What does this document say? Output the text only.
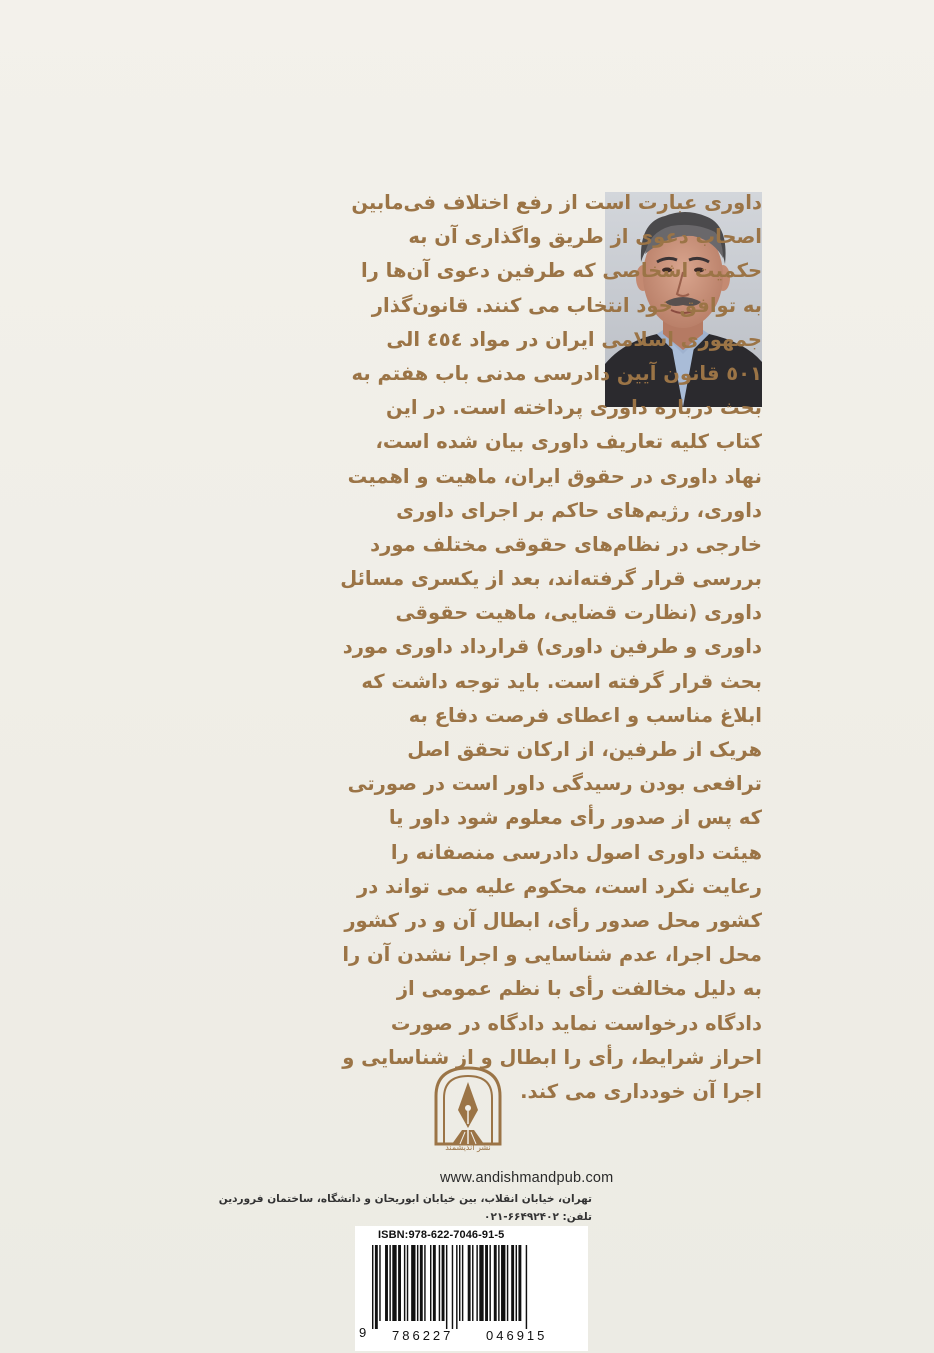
داوری عبارت است از رفع اختلاف فی‌مابین
اصحاب دعوی از طریق واگذاری آن به
حکمیت اشخاصی که طرفین دعوی آن‌ها را
به توافق خود انتخاب می کنند. قانون‌گذار
جمهوری اسلامی ایران در مواد ٤٥٤ الی
٥٠١ قانون آیین دادرسی مدنی باب هفتم به
بحث درباره داوری پرداخته است. در این
کتاب کلیه تعاریف داوری بیان شده است،
نهاد داوری در حقوق ایران، ماهیت و اهمیت
داوری، رژیم‌های حاکم بر اجرای داوری
خارجی در نظام‌های حقوقی مختلف مورد
بررسی قرار گرفته‌اند، بعد از یکسری مسائل
داوری (نظارت قضایی، ماهیت حقوقی
داوری و طرفین داوری) قرارداد داوری مورد
بحث قرار گرفته است. باید توجه داشت که
ابلاغ مناسب و اعطای فرصت دفاع به
هریک از طرفین، از ارکان تحقق اصل
ترافعی بودن رسیدگی داور است در صورتی
که پس از صدور رأی معلوم شود داور یا
هیئت داوری اصول دادرسی منصفانه را
رعایت نکرد است، محکوم علیه می تواند در
کشور محل صدور رأی، ابطال آن و در کشور
محل اجرا، عدم شناسایی و اجرا نشدن آن را
به دلیل مخالفت رأی با نظم عمومی از
دادگاه درخواست نماید دادگاه در صورت
احراز شرایط، رأی را ابطال و از شناسایی و
اجرا آن خودداری می کند.
نشر اندیشمند
www.andishmandpub.com
تهران، خیابان انقلاب، بین خیابان ابوریحان و دانشگاه، ساختمان فروردین
تلفن: ۶۶۴۹۲۴۰۲-۰۲۱
ISBN:978-622-7046-91-5
9 786227	046915
